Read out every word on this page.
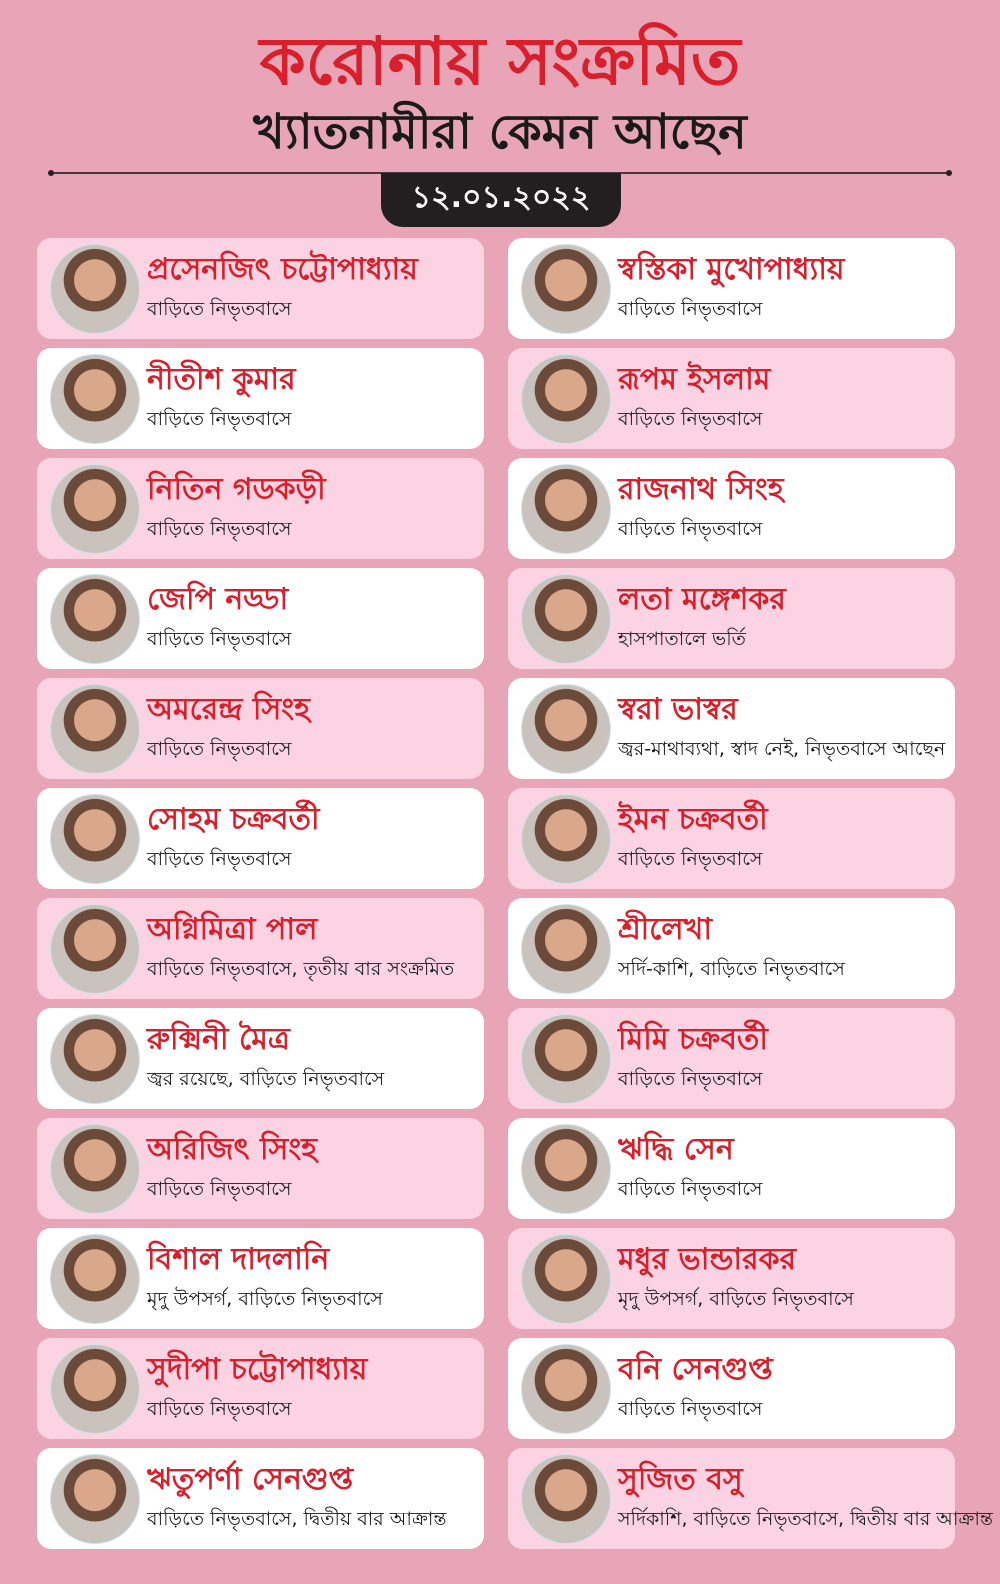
করোনায় সংক্রমিত
খ্যাতনামীরা কেমন আছেন
১২.০১.২০২২
প্রসেনজিৎ চট্টোপাধ্যায়
বাড়িতে নিভৃতবাসে
নীতীশ কুমার
বাড়িতে নিভৃতবাসে
নিতিন গডকড়ী
বাড়িতে নিভৃতবাসে
জেপি নড্ডা
বাড়িতে নিভৃতবাসে
অমরেন্দ্র সিংহ
বাড়িতে নিভৃতবাসে
সোহম চক্রবর্তী
বাড়িতে নিভৃতবাসে
অগ্নিমিত্রা পাল
বাড়িতে নিভৃতবাসে, তৃতীয় বার সংক্রমিত
রুক্মিনী মৈত্র
জ্বর রয়েছে, বাড়িতে নিভৃতবাসে
অরিজিৎ সিংহ
বাড়িতে নিভৃতবাসে
বিশাল দাদলানি
মৃদু উপসর্গ, বাড়িতে নিভৃতবাসে
সুদীপা চট্টোপাধ্যায়
বাড়িতে নিভৃতবাসে
ঋতুপর্ণা সেনগুপ্ত
বাড়িতে নিভৃতবাসে, দ্বিতীয় বার আক্রান্ত
স্বস্তিকা মুখোপাধ্যায়
বাড়িতে নিভৃতবাসে
রূপম ইসলাম
বাড়িতে নিভৃতবাসে
রাজনাথ সিংহ
বাড়িতে নিভৃতবাসে
লতা মঙ্গেশকর
হাসপাতালে ভর্তি
স্বরা ভাস্বর
জ্বর-মাথাব্যথা, স্বাদ নেই, নিভৃতবাসে আছেন
ইমন চক্রবর্তী
বাড়িতে নিভৃতবাসে
শ্রীলেখা
সর্দি-কাশি, বাড়িতে নিভৃতবাসে
মিমি চক্রবর্তী
বাড়িতে নিভৃতবাসে
ঋদ্ধি সেন
বাড়িতে নিভৃতবাসে
মধুর ভান্ডারকর
মৃদু উপসর্গ, বাড়িতে নিভৃতবাসে
বনি সেনগুপ্ত
বাড়িতে নিভৃতবাসে
সুজিত বসু
সর্দিকাশি, বাড়িতে নিভৃতবাসে, দ্বিতীয় বার আক্রান্ত
